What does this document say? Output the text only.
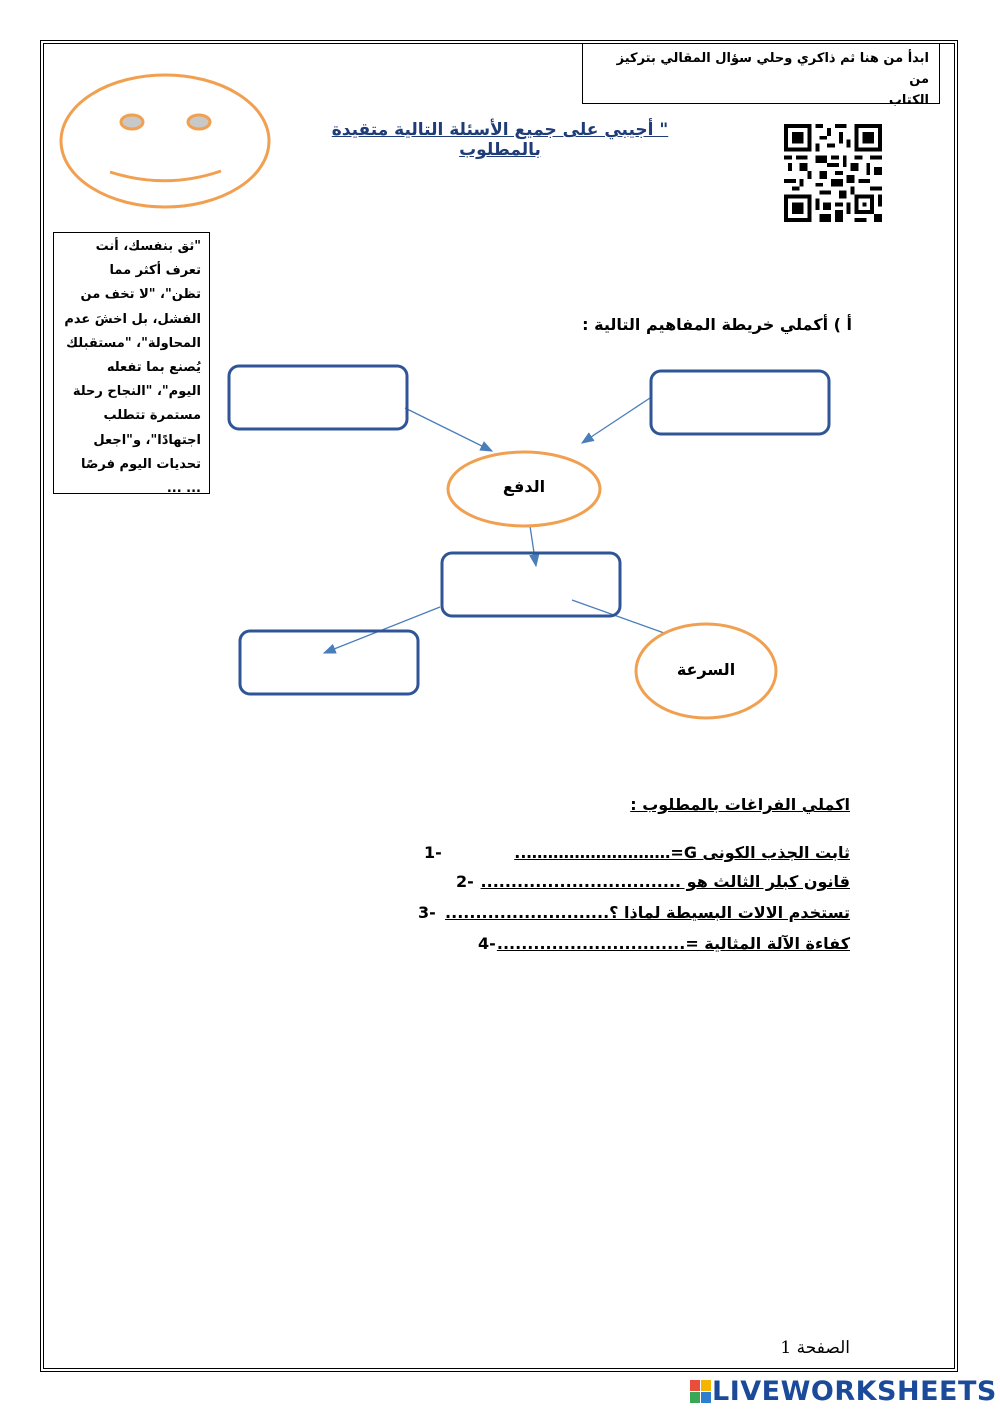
ابدأ من هنا ثم ذاكري وحلي سؤال المقالي بتركيز من
الكتاب
" أجيبي على جميع الأسئلة التالية متقيدة بالمطلوب
"ثق بنفسك، أنت
تعرف أكثر مما
تظن"، "لا تخف من
الفشل، بل اخشَ عدم
المحاولة"، "مستقبلك
يُصنع بما تفعله
اليوم"، "النجاح رحلة
مستمرة تتطلب
اجتهادًا"، و"اجعل
تحديات اليوم فرصًا
... ...
أ ) أكملي خريطة المفاهيم التالية :
الدفع
السرعة
اكملي الفراغات بالمطلوب :
ثابت الجذب الكونى G=………………………..
1-
قانون كبلر الثالث هو .................................
2-
تستخدم الالات البسيطة لماذا ؟...........................
3-
كفاءة الآلة المثالية =...............................
4-
الصفحة 1
LIVEWORKSHEETS
